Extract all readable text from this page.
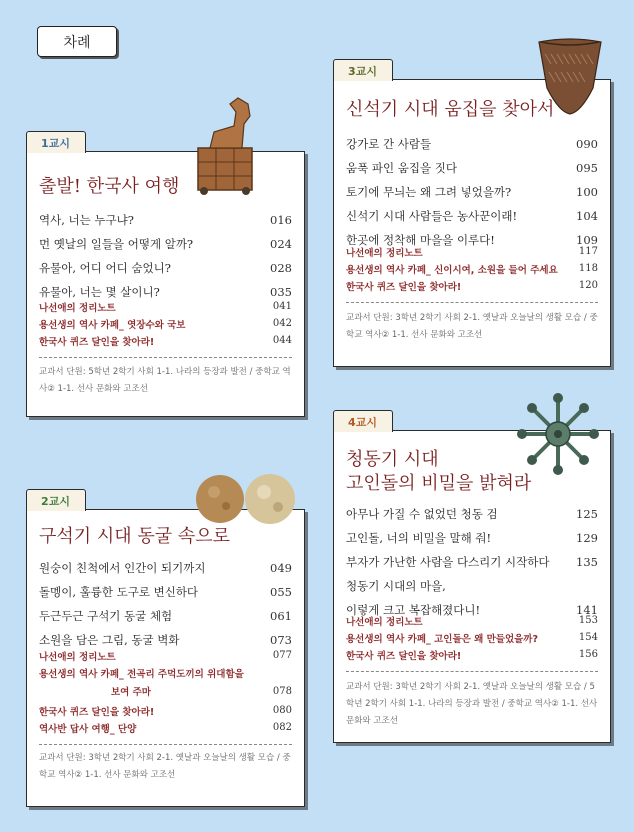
차례
1교시
출발! 한국사 여행
역사, 너는 누구냐?	016
먼 옛날의 일들을 어떻게 알까?	024
유물아, 어디 어디 숨었니?	028
유물아, 너는 몇 살이니?	035
나선애의 정리노트	041
용선생의 역사 카페_ 엿장수와 국보	042
한국사 퀴즈 달인을 찾아라!	044
교과서 단원: 5학년 2학기 사회 1-1. 나라의 등장과 발전 / 중학교 역사② 1-1. 선사 문화와 고조선
2교시
구석기 시대 동굴 속으로
원숭이 친척에서 인간이 되기까지	049
돌멩이, 훌륭한 도구로 변신하다	055
두근두근 구석기 동굴 체험	061
소원을 담은 그림, 동굴 벽화	073
나선애의 정리노트	077
용선생의 역사 카페_ 전곡리 주먹도끼의 위대함을
보여 주마	078
한국사 퀴즈 달인을 찾아라!	080
역사반 답사 여행_ 단양	082
교과서 단원: 3학년 2학기 사회 2-1. 옛날과 오늘날의 생활 모습 / 중학교 역사② 1-1. 선사 문화와 고조선
3교시
신석기 시대 움집을 찾아서
강가로 간 사람들	090
움푹 파인 움집을 짓다	095
토기에 무늬는 왜 그려 넣었을까?	100
신석기 시대 사람들은 농사꾼이래!	104
한곳에 정착해 마을을 이루다!	109
나선애의 정리노트	117
용선생의 역사 카페_ 신이시여, 소원을 들어 주세요 118
한국사 퀴즈 달인을 찾아라!	120
교과서 단원: 3학년 2학기 사회 2-1. 옛날과 오늘날의 생활 모습 / 중학교 역사② 1-1. 선사 문화와 고조선
4교시
청동기 시대
고인돌의 비밀을 밝혀라
아무나 가질 수 없었던 청동 검	125
고인돌, 너의 비밀을 말해 줘!	129
부자가 가난한 사람을 다스리기 시작하다 135
청동기 시대의 마을,
이렇게 크고 복잡해졌다니!	141
나선애의 정리노트	153
용선생의 역사 카페_ 고인돌은 왜 만들었을까?	154
한국사 퀴즈 달인을 찾아라!	156
교과서 단원: 3학년 2학기 사회 2-1. 옛날과 오늘날의 생활 모습 / 5학년 2학기 사회 1-1. 나라의 등장과 발전 / 중학교 역사② 1-1. 선사 문화와 고조선
